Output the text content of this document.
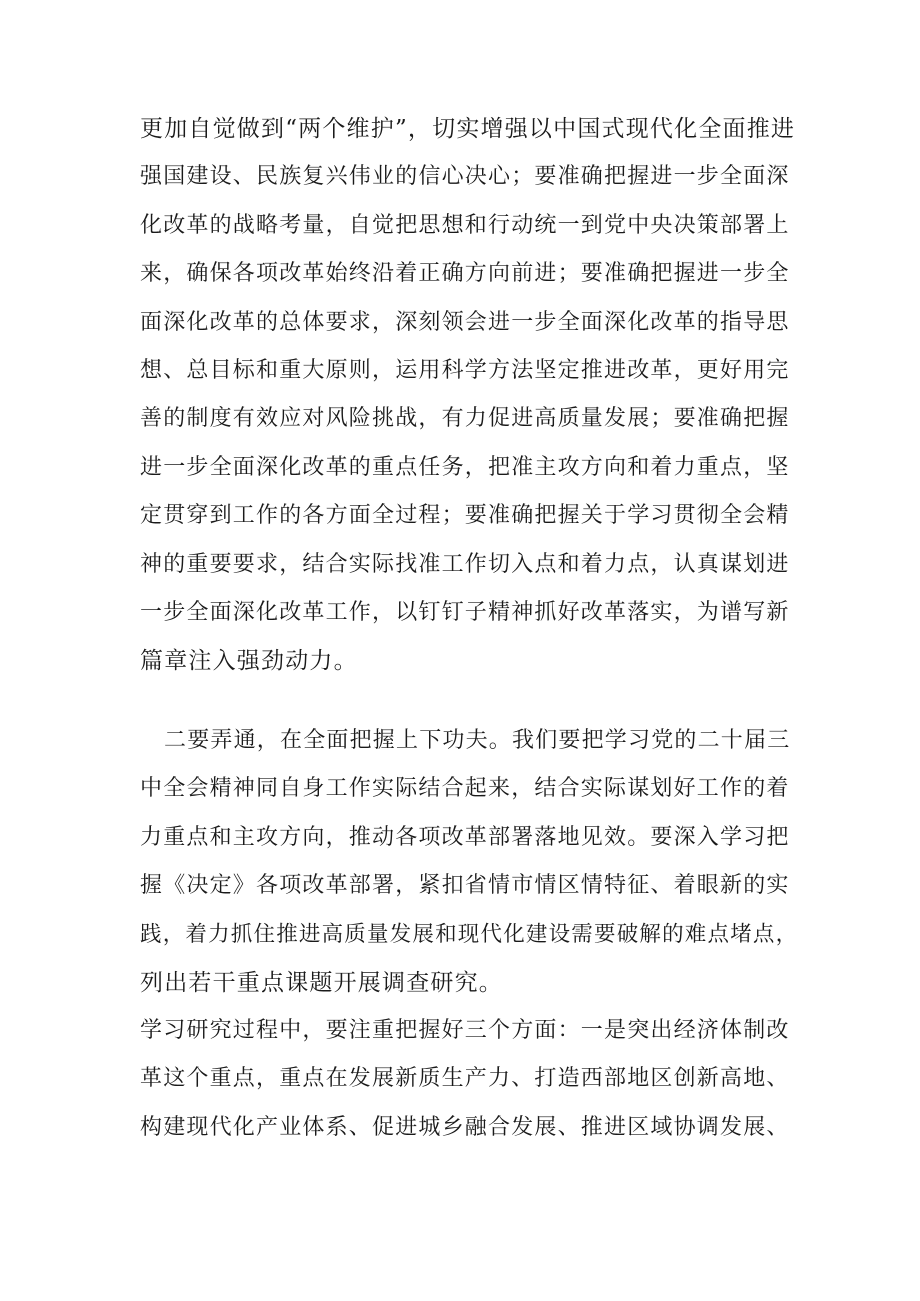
更加自觉做到“两个维护”，切实增强以中国式现代化全面推进
强国建设、民族复兴伟业的信心决心；要准确把握进一步全面深
化改革的战略考量，自觉把思想和行动统一到党中央决策部署上
来，确保各项改革始终沿着正确方向前进；要准确把握进一步全
面深化改革的总体要求，深刻领会进一步全面深化改革的指导思
想、总目标和重大原则，运用科学方法坚定推进改革，更好用完
善的制度有效应对风险挑战，有力促进高质量发展；要准确把握
进一步全面深化改革的重点任务，把准主攻方向和着力重点，坚
定贯穿到工作的各方面全过程；要准确把握关于学习贯彻全会精
神的重要要求，结合实际找准工作切入点和着力点，认真谋划进
一步全面深化改革工作，以钉钉子精神抓好改革落实，为谱写新
篇章注入强劲动力。

二要弄通，在全面把握上下功夫。我们要把学习党的二十届三
中全会精神同自身工作实际结合起来，结合实际谋划好工作的着
力重点和主攻方向，推动各项改革部署落地见效。要深入学习把
握《决定》各项改革部署，紧扣省情市情区情特征、着眼新的实
践，着力抓住推进高质量发展和现代化建设需要破解的难点堵点，
列出若干重点课题开展调查研究。

学习研究过程中，要注重把握好三个方面：一是突出经济体制改
革这个重点，重点在发展新质生产力、打造西部地区创新高地、
构建现代化产业体系、促进城乡融合发展、推进区域协调发展、
